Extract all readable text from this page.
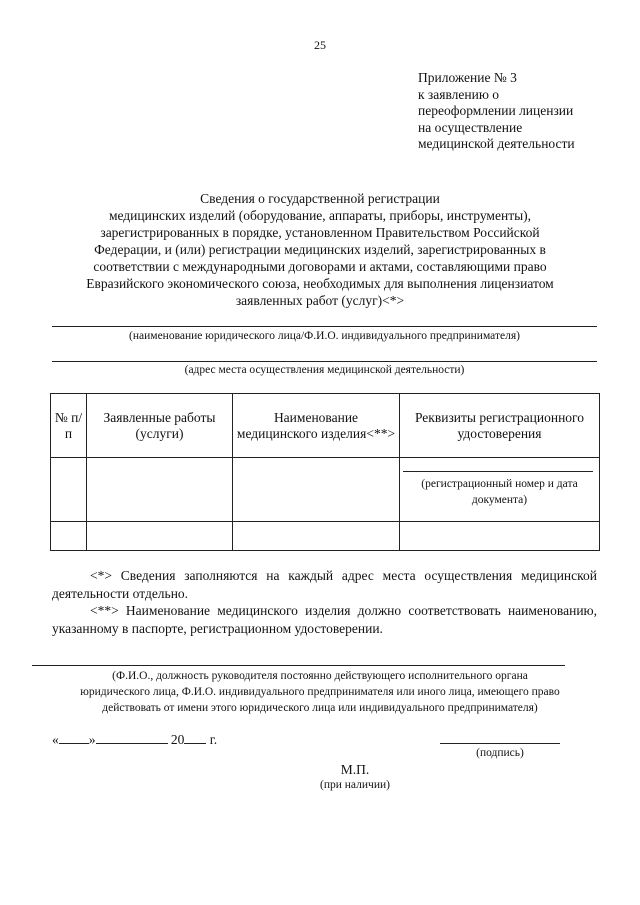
25
Приложение № 3
к заявлению о
переоформлении лицензии
на осуществление
медицинской деятельности
Сведения о государственной регистрации
медицинских изделий (оборудование, аппараты, приборы, инструменты),
зарегистрированных в порядке, установленном Правительством Российской
Федерации, и (или) регистрации медицинских изделий, зарегистрированных в
соответствии с международными договорами и актами, составляющими право
Евразийского экономического союза, необходимых для выполнения лицензиатом
заявленных работ (услуг)<*>
(наименование юридического лица/Ф.И.О. индивидуального предпринимателя)
(адрес места осуществления медицинской деятельности)
№ п/п	Заявленные работы (услуги)	Наименование медицинского изделия<**>	Реквизиты регистрационного удостоверения

			(регистрационный номер и дата документа)

<*> Сведения заполняются на каждый адрес места осуществления медицинской деятельности отдельно.

<**> Наименование медицинского изделия должно соответствовать наименованию, указанному в паспорте, регистрационном удостоверении.

(Ф.И.О., должность руководителя постоянно действующего исполнительного органа
юридического лица, Ф.И.О. индивидуального предпринимателя или иного лица, имеющего право
действовать от имени этого юридического лица или индивидуального предпринимателя)
« »	20 г.
(подпись)
М.П.
(при наличии)
